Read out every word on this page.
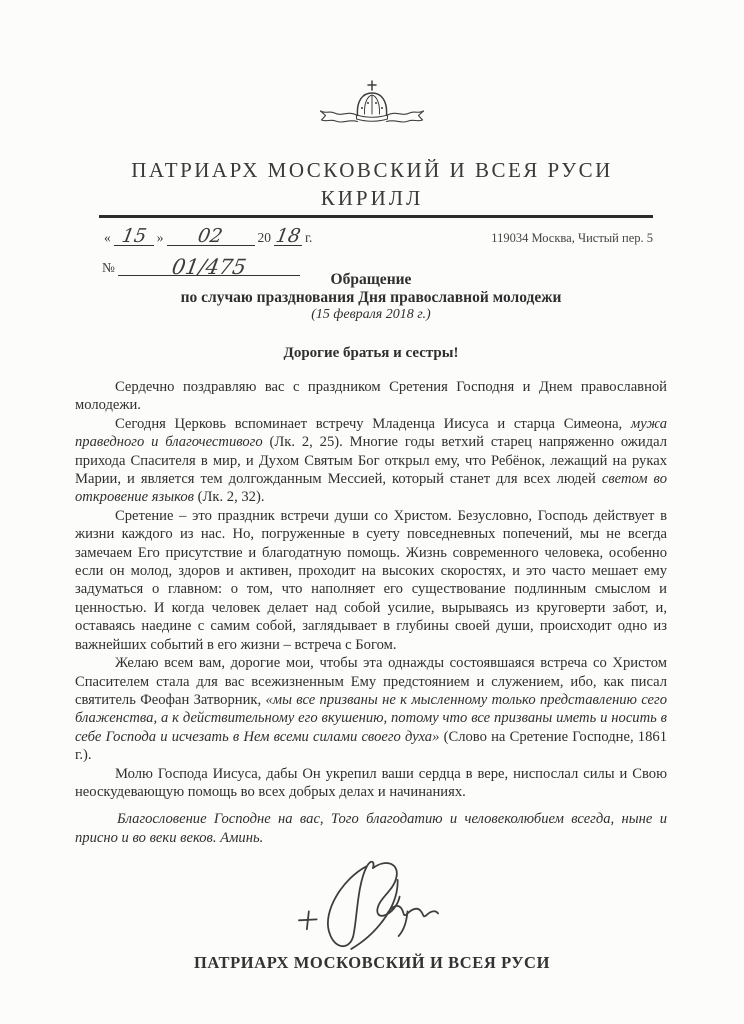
ПАТРИАРХ МОСКОВСКИЙ И ВСЕЯ РУСИ
КИРИЛЛ
« 15 »	02	20 18 г.	119034 Москва, Чистый пер. 5
№	01/475

Обращение

по случаю празднования Дня православной молодежи

(15 февраля 2018 г.)

Дорогие братья и сестры!

Сердечно поздравляю вас с праздником Сретения Господня и Днем православной молодежи.

Сегодня Церковь вспоминает встречу Младенца Иисуса и старца Симеона, мужа праведного и благочестивого (Лк. 2, 25). Многие годы ветхий старец напряженно ожидал прихода Спасителя в мир, и Духом Святым Бог открыл ему, что Ребёнок, лежащий на руках Марии, и является тем долгожданным Мессией, который станет для всех людей светом во откровение языков (Лк. 2, 32).

Сретение – это праздник встречи души со Христом. Безусловно, Господь действует в жизни каждого из нас. Но, погруженные в суету повседневных попечений, мы не всегда замечаем Его присутствие и благодатную помощь. Жизнь современного человека, особенно если он молод, здоров и активен, проходит на высоких скоростях, и это часто мешает ему задуматься о главном: о том, что наполняет его существование подлинным смыслом и ценностью. И когда человек делает над собой усилие, вырываясь из круговерти забот, и, оставаясь наедине с самим собой, заглядывает в глубины своей души, происходит одно из важнейших событий в его жизни – встреча с Богом.

Желаю всем вам, дорогие мои, чтобы эта однажды состоявшаяся встреча со Христом Спасителем стала для вас всежизненным Ему предстоянием и служением, ибо, как писал святитель Феофан Затворник, «мы все призваны не к мысленному только представлению сего блаженства, а к действительному его вкушению, потому что все призваны иметь и носить в себе Господа и исчезать в Нем всеми силами своего духа» (Слово на Сретение Господне, 1861 г.).

Молю Господа Иисуса, дабы Он укрепил ваши сердца в вере, ниспослал силы и Свою неоскудевающую помощь во всех добрых делах и начинаниях.

Благословение Господне на вас, Того благодатию и человеколюбием всегда, ныне и присно и во веки веков. Аминь.

ПАТРИАРХ МОСКОВСКИЙ И ВСЕЯ РУСИ
